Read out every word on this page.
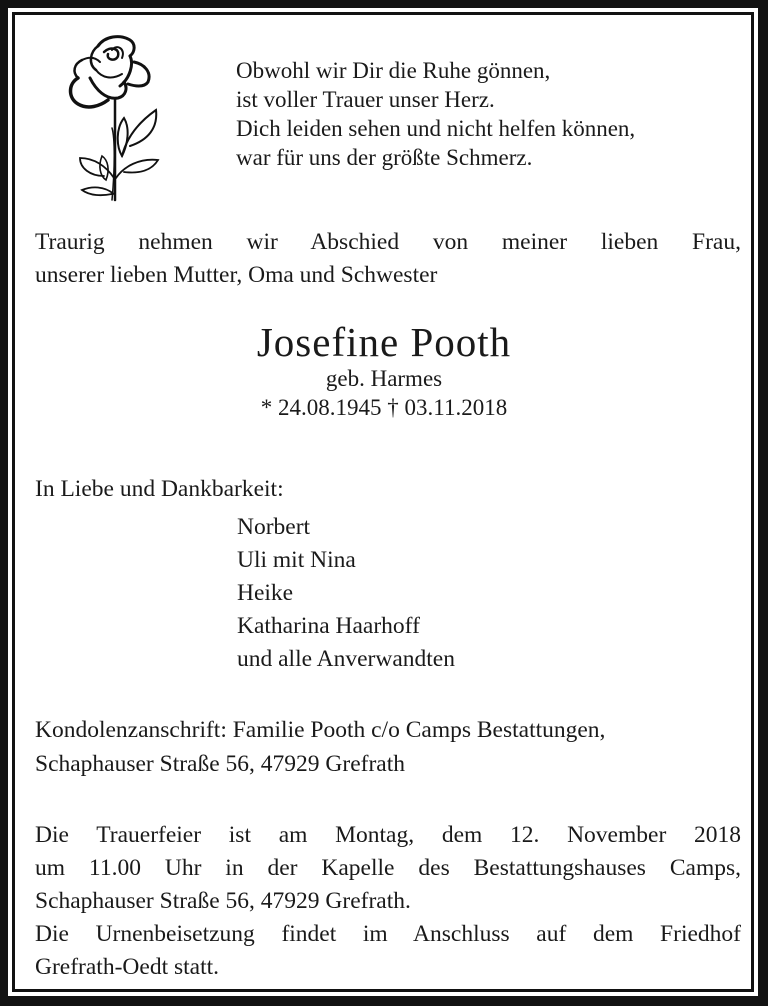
Obwohl wir Dir die Ruhe gönnen,
ist voller Trauer unser Herz.
Dich leiden sehen und nicht helfen können,
war für uns der größte Schmerz.
Traurig nehmen wir Abschied von meiner lieben Frau,
unserer lieben Mutter, Oma und Schwester
Josefine Pooth
geb. Harmes
* 24.08.1945 † 03.11.2018
In Liebe und Dankbarkeit:
Norbert
Uli mit Nina
Heike
Katharina Haarhoff
und alle Anverwandten
Kondolenzanschrift: Familie Pooth c/o Camps Bestattungen,
Schaphauser Straße 56, 47929 Grefrath
Die Trauerfeier ist am Montag, dem 12. November 2018
um 11.00 Uhr in der Kapelle des Bestattungshauses Camps,
Schaphauser Straße 56, 47929 Grefrath.
Die Urnenbeisetzung findet im Anschluss auf dem Friedhof
Grefrath-Oedt statt.
